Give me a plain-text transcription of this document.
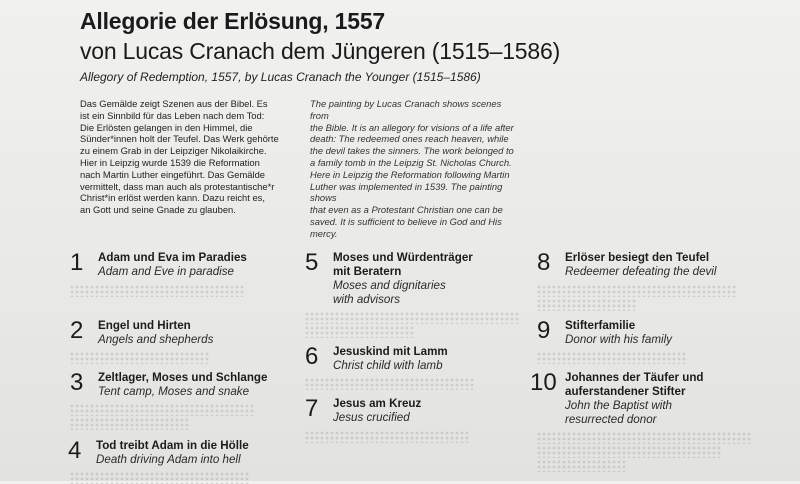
Allegorie der Erlösung, 1557
von Lucas Cranach dem Jüngeren (1515–1586)
Allegory of Redemption, 1557, by Lucas Cranach the Younger (1515–1586)
Das Gemälde zeigt Szenen aus der Bibel. Es
ist ein Sinnbild für das Leben nach dem Tod:
Die Erlösten gelangen in den Himmel, die
Sünder*innen holt der Teufel. Das Werk gehörte
zu einem Grab in der Leipziger Nikolaikirche.
Hier in Leipzig wurde 1539 die Reformation
nach Martin Luther eingeführt. Das Gemälde
vermittelt, dass man auch als protestantische*r
Christ*in erlöst werden kann. Dazu reicht es,
an Gott und seine Gnade zu glauben.
The painting by Lucas Cranach shows scenes from
the Bible. It is an allegory for visions of a life after
death: The redeemed ones reach heaven, while
the devil takes the sinners. The work belonged to
a family tomb in the Leipzig St. Nicholas Church.
Here in Leipzig the Reformation following Martin
Luther was implemented in 1539. The painting shows
that even as a Protestant Christian one can be
saved. It is sufficient to believe in God and His mercy.
1 Adam und Eva im Paradies
Adam and Eve in paradise
2 Engel und Hirten
Angels and shepherds
3 Zeltlager, Moses und Schlange
Tent camp, Moses and snake
4 Tod treibt Adam in die Hölle
Death driving Adam into hell
5 Moses und Würdenträger
mit Beratern
Moses and dignitaries
with advisors
6 Jesuskind mit Lamm
Christ child with lamb
7 Jesus am Kreuz
Jesus crucified
8 Erlöser besiegt den Teufel
Redeemer defeating the devil
9 Stifterfamilie
Donor with his family
10 Johannes der Täufer und
auferstandener Stifter
John the Baptist with
resurrected donor
